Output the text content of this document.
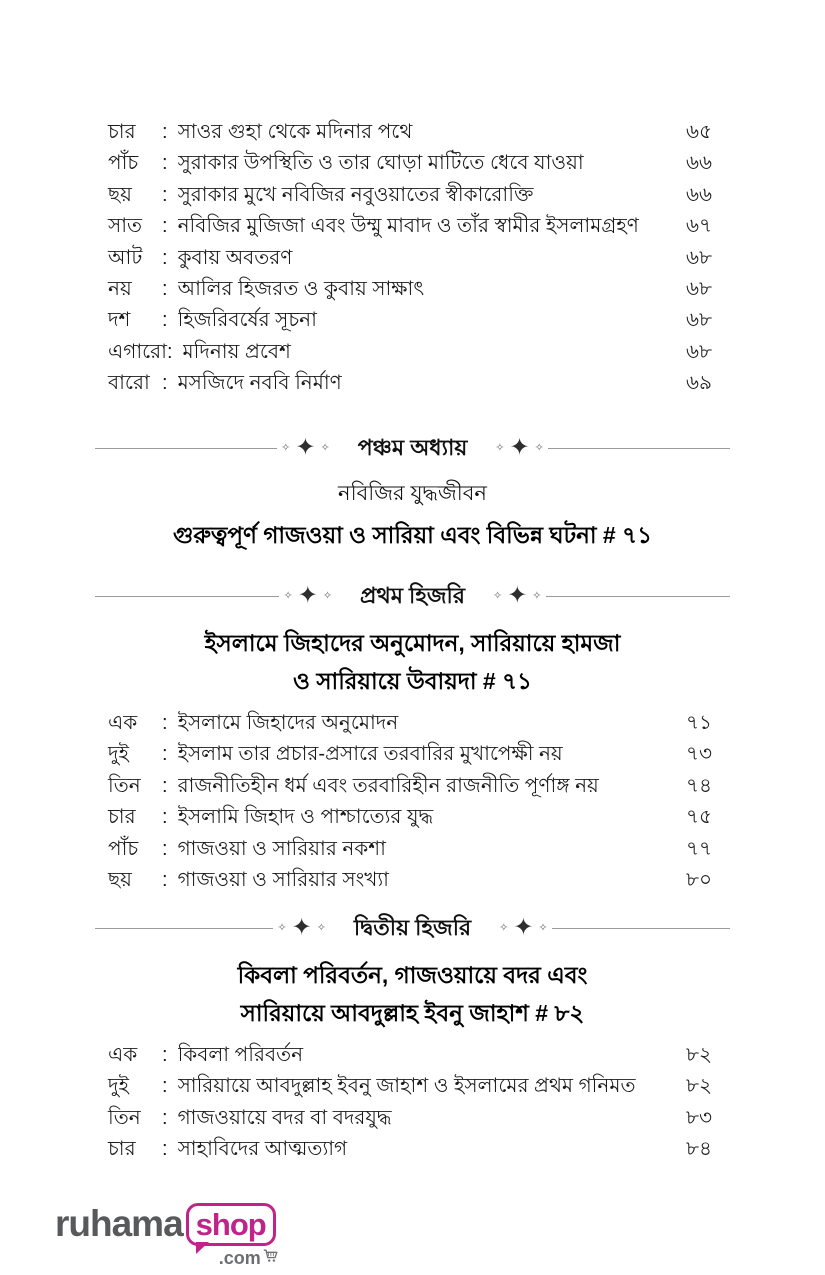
চার	: সাওর গুহা থেকে মদিনার পথে	৬৫
পাঁচ	: সুরাকার উপস্থিতি ও তার ঘোড়া মাটিতে ধেবে যাওয়া	৬৬
ছয়	: সুরাকার মুখে নবিজির নবুওয়াতের স্বীকারোক্তি	৬৬
সাত : নবিজির মুজিজা এবং উম্মু মাবাদ ও তাঁর স্বামীর ইসলামগ্রহণ	৬৭
আট : কুবায় অবতরণ	৬৮
নয়	: আলির হিজরত ও কুবায় সাক্ষাৎ	৬৮
দশ	: হিজরিবর্ষের সূচনা	৬৮
এগারো : মদিনায় প্রবেশ	৬৮
বারো : মসজিদে নববি নির্মাণ	৬৯
✧ ✦ ✧ পঞ্চম অধ্যায়	✧ ✦ ✧
নবিজির যুদ্ধজীবন
গুরুত্বপূর্ণ গাজওয়া ও সারিয়া এবং বিভিন্ন ঘটনা # ৭১
✧ ✦ ✧ প্রথম হিজরি	✧ ✦ ✧
ইসলামে জিহাদের অনুমোদন, সারিয়ায়ে হামজা
ও সারিয়ায়ে উবায়দা # ৭১
এক	: ইসলামে জিহাদের অনুমোদন	৭১
দুই	: ইসলাম তার প্রচার-প্রসারে তরবারির মুখাপেক্ষী নয়	৭৩
তিন	: রাজনীতিহীন ধর্ম এবং তরবারিহীন রাজনীতি পূর্ণাঙ্গ নয়	৭৪
চার	: ইসলামি জিহাদ ও পাশ্চাত্যের যুদ্ধ	৭৫
পাঁচ	: গাজওয়া ও সারিয়ার নকশা	৭৭
ছয়	: গাজওয়া ও সারিয়ার সংখ্যা	৮০
✧ ✦ ✧ দ্বিতীয় হিজরি	✧ ✦ ✧
কিবলা পরিবর্তন, গাজওয়ায়ে বদর এবং
সারিয়ায়ে আবদুল্লাহ ইবনু জাহাশ # ৮২
এক	: কিবলা পরিবর্তন	৮২
দুই	: সারিয়ায়ে আবদুল্লাহ ইবনু জাহাশ ও ইসলামের প্রথম গনিমত	৮২
তিন	: গাজওয়ায়ে বদর বা বদরযুদ্ধ	৮৩
চার	: সাহাবিদের আত্মত্যাগ	৮৪
ruhama shop
.com
